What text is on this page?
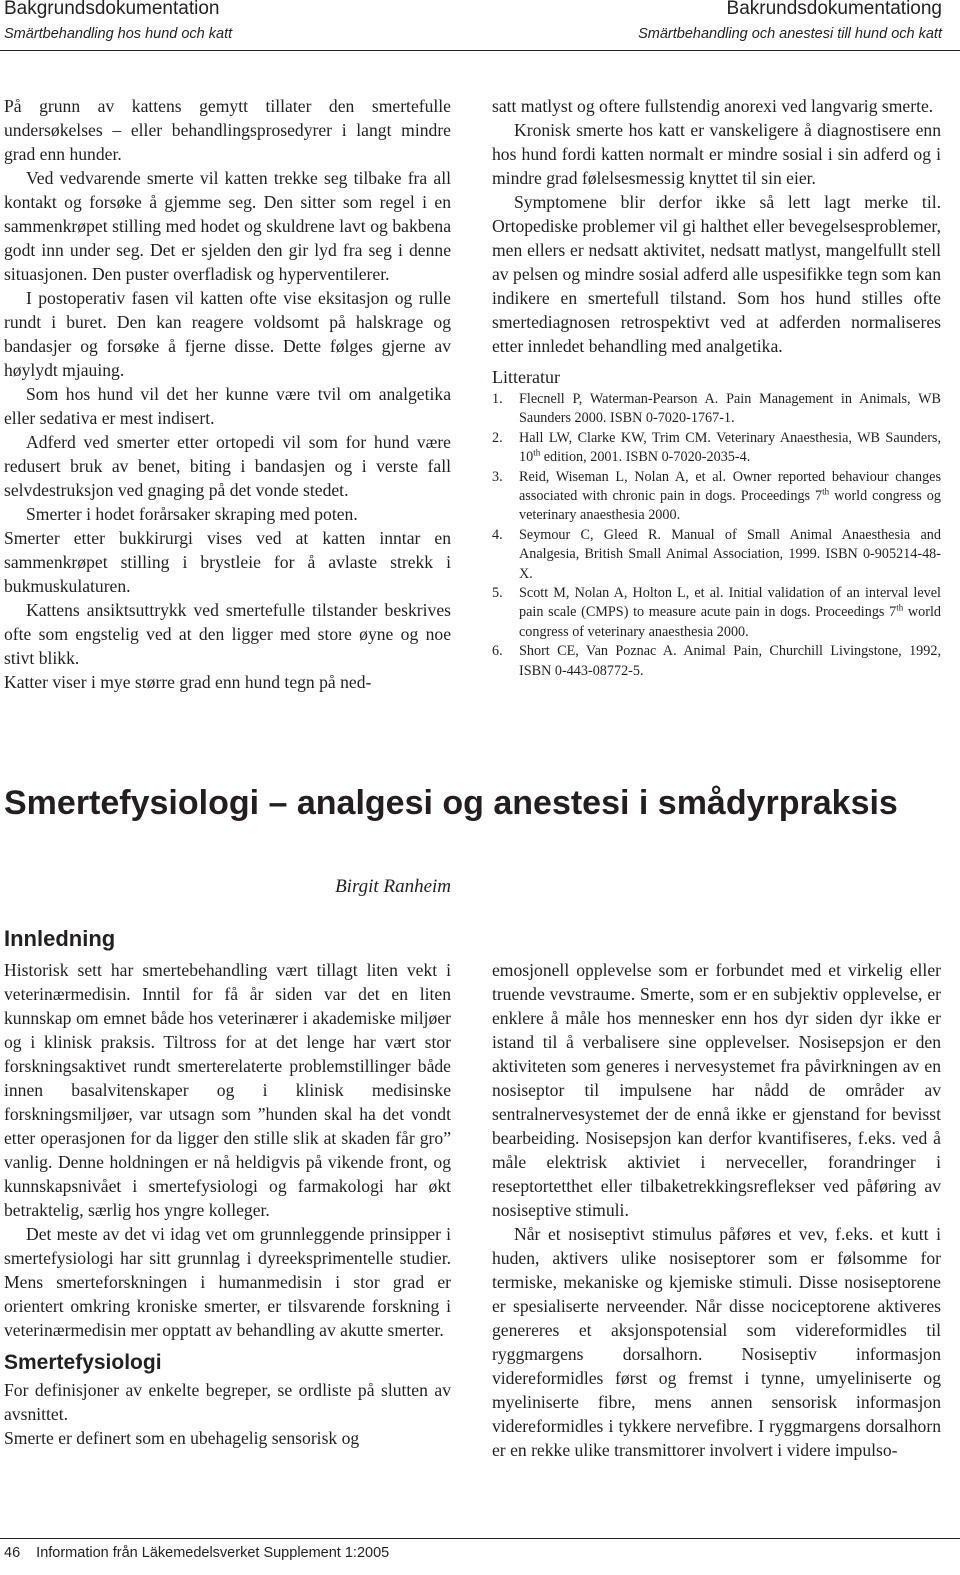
Bakgrundsdokumentation
Smärtbehandling hos hund och katt
Bakrundsdokumentationg
Smärtbehandling och anestesi till hund och katt

På grunn av kattens gemytt tillater den smertefulle undersøkelses – eller behandlingsprosedyrer i langt mindre grad enn hunder.

Ved vedvarende smerte vil katten trekke seg tilbake fra all kontakt og forsøke å gjemme seg. Den sitter som regel i en sammenkrøpet stilling med hodet og skuldrene lavt og bakbena godt inn under seg. Det er sjelden den gir lyd fra seg i denne situasjonen. Den puster overfladisk og hyperventilerer.

I postoperativ fasen vil katten ofte vise eksitasjon og rulle rundt i buret. Den kan reagere voldsomt på halskrage og bandasjer og forsøke å fjerne disse. Dette følges gjerne av høylydt mjauing.

Som hos hund vil det her kunne være tvil om analgetika eller sedativa er mest indisert.

Adferd ved smerter etter ortopedi vil som for hund være redusert bruk av benet, biting i bandasjen og i verste fall selvdestruksjon ved gnaging på det vonde stedet.

Smerter i hodet forårsaker skraping med poten.

Smerter etter bukkirurgi vises ved at katten inntar en sammenkrøpet stilling i brystleie for å avlaste strekk i bukmuskulaturen.

Kattens ansiktsuttrykk ved smertefulle tilstander beskrives ofte som engstelig ved at den ligger med store øyne og noe stivt blikk.

Katter viser i mye større grad enn hund tegn på ned-

satt matlyst og oftere fullstendig anorexi ved langvarig smerte.

Kronisk smerte hos katt er vanskeligere å diagnostisere enn hos hund fordi katten normalt er mindre sosial i sin adferd og i mindre grad følelsesmessig knyttet til sin eier.

Symptomene blir derfor ikke så lett lagt merke til. Ortopediske problemer vil gi halthet eller bevegelsesproblemer, men ellers er nedsatt aktivitet, nedsatt matlyst, mangelfullt stell av pelsen og mindre sosial adferd alle uspesifikke tegn som kan indikere en smertefull tilstand. Som hos hund stilles ofte smertediagnosen retrospektivt ved at adferden normaliseres etter innledet behandling med analgetika.

Litteratur
1. Flecnell P, Waterman-Pearson A. Pain Management in Animals, WB Saunders 2000. ISBN 0-7020-1767-1.
2. Hall LW, Clarke KW, Trim CM. Veterinary Anaesthesia, WB Saunders, 10th edition, 2001. ISBN 0-7020-2035-4.
3. Reid, Wiseman L, Nolan A, et al. Owner reported behaviour changes associated with chronic pain in dogs. Proceedings 7th world congress og veterinary anaesthesia 2000.
4. Seymour C, Gleed R. Manual of Small Animal Anaesthesia and Analgesia, British Small Animal Association, 1999. ISBN 0-905214-48-X.
5. Scott M, Nolan A, Holton L, et al. Initial validation of an interval level pain scale (CMPS) to measure acute pain in dogs. Proceedings 7th world congress of veterinary anaesthesia 2000.
6. Short CE, Van Poznac A. Animal Pain, Churchill Livingstone, 1992, ISBN 0-443-08772-5.
Smertefysiologi – analgesi og anestesi i smådyrpraksis
Birgit Ranheim
Innledning

Historisk sett har smertebehandling vært tillagt liten vekt i veterinærmedisin. Inntil for få år siden var det en liten kunnskap om emnet både hos veterinærer i akademiske miljøer og i klinisk praksis. Tiltross for at det lenge har vært stor forskningsaktivet rundt smerterelaterte problemstillinger både innen basalvitenskaper og i klinisk medisinske forskningsmiljøer, var utsagn som ”hunden skal ha det vondt etter operasjonen for da ligger den stille slik at skaden får gro” vanlig. Denne holdningen er nå heldigvis på vikende front, og kunnskapsnivået i smertefysiologi og farmakologi har økt betraktelig, særlig hos yngre kolleger.

Det meste av det vi idag vet om grunnleggende prinsipper i smertefysiologi har sitt grunnlag i dyreeksprimentelle studier. Mens smerteforskningen i humanmedisin i stor grad er orientert omkring kroniske smerter, er tilsvarende forskning i veterinærmedisin mer opptatt av behandling av akutte smerter.

Smertefysiologi

For definisjoner av enkelte begreper, se ordliste på slutten av avsnittet.

Smerte er definert som en ubehagelig sensorisk og

emosjonell opplevelse som er forbundet med et virkelig eller truende vevstraume. Smerte, som er en subjektiv opplevelse, er enklere å måle hos mennesker enn hos dyr siden dyr ikke er istand til å verbalisere sine opplevelser. Nosisepsjon er den aktiviteten som generes i nervesystemet fra påvirkningen av en nosiseptor til impulsene har nådd de områder av sentralnervesystemet der de ennå ikke er gjenstand for bevisst bearbeiding. Nosisepsjon kan derfor kvantifiseres, f.eks. ved å måle elektrisk aktiviet i nerveceller, forandringer i reseptortetthet eller tilbaketrekkingsreflekser ved påføring av nosiseptive stimuli.

Når et nosiseptivt stimulus påføres et vev, f.eks. et kutt i huden, aktivers ulike nosiseptorer som er følsomme for termiske, mekaniske og kjemiske stimuli. Disse nosiseptorene er spesialiserte nerveender. Når disse nociceptorene aktiveres genereres et aksjonspotensial som videreformidles til ryggmargens dorsalhorn. Nosiseptiv informasjon videreformidles først og fremst i tynne, umyeliniserte og myeliniserte fibre, mens annen sensorisk informasjon videreformidles i tykkere nervefibre. I ryggmargens dorsalhorn er en rekke ulike transmittorer involvert i videre impulso-

46 Information från Läkemedelsverket Supplement 1:2005
